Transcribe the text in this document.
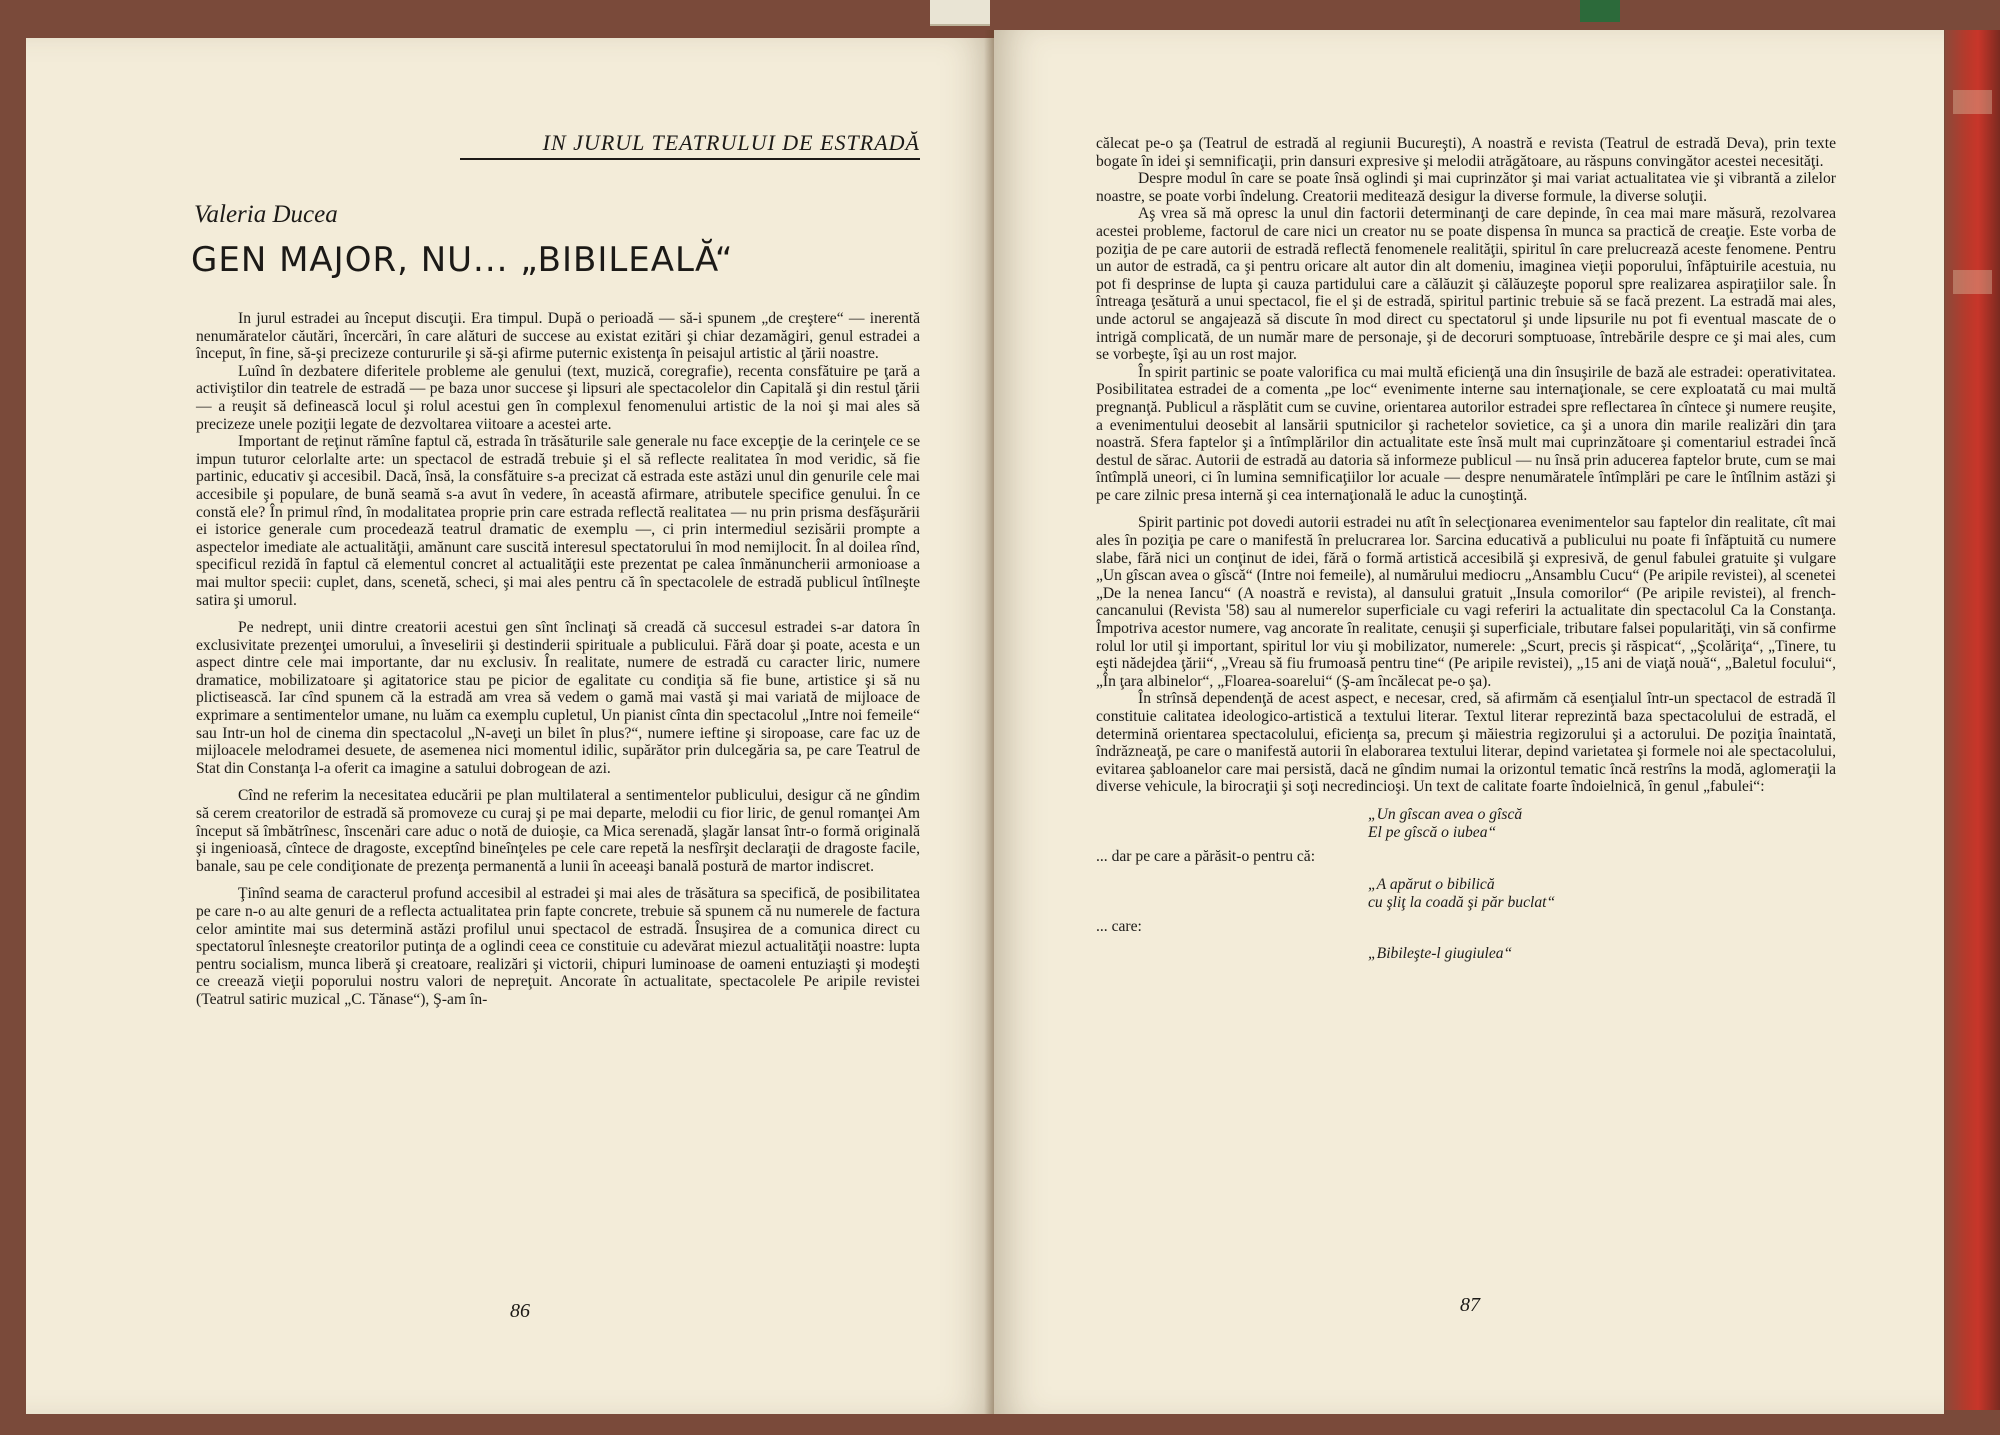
IN JURUL TEATRULUI DE ESTRADĂ
Valeria Ducea
GEN MAJOR, NU... „BIBILEALĂ“

In jurul estradei au început discuţii. Era timpul. După o perioadă — să-i spunem „de creştere“ — inerentă nenumăratelor căutări, încercări, în care alături de succese au existat ezitări şi chiar dezamăgiri, genul estradei a început, în fine, să-şi precizeze contururile şi să-şi afirme puternic existenţa în peisajul artistic al ţării noastre.

Luînd în dezbatere diferitele probleme ale genului (text, muzică, coregrafie), recenta consfătuire pe ţară a activiştilor din teatrele de estradă — pe baza unor succese şi lipsuri ale spectacolelor din Capitală şi din restul ţării — a reuşit să definească locul şi rolul acestui gen în complexul fenomenului artistic de la noi şi mai ales să precizeze unele poziţii legate de dezvoltarea viitoare a acestei arte.

Important de reţinut rămîne faptul că, estrada în trăsăturile sale generale nu face excepţie de la cerinţele ce se impun tuturor celorlalte arte: un spectacol de estradă trebuie şi el să reflecte realitatea în mod veridic, să fie partinic, educativ şi accesibil. Dacă, însă, la consfătuire s-a precizat că estrada este astăzi unul din genurile cele mai accesibile şi populare, de bună seamă s-a avut în vedere, în această afirmare, atributele specifice genului. În ce constă ele? În primul rînd, în modalitatea proprie prin care estrada reflectă realitatea — nu prin prisma desfăşurării ei istorice generale cum procedează teatrul dramatic de exemplu —, ci prin intermediul sezisării prompte a aspectelor imediate ale actualităţii, amănunt care suscită interesul spectatorului în mod nemijlocit. În al doilea rînd, specificul rezidă în faptul că elementul concret al actualităţii este prezentat pe calea înmănuncherii armonioase a mai multor specii: cuplet, dans, scenetă, scheci, şi mai ales pentru că în spectacolele de estradă publicul întîlneşte satira şi umorul.

Pe nedrept, unii dintre creatorii acestui gen sînt înclinaţi să creadă că succesul estradei s-ar datora în exclusivitate prezenţei umorului, a înveselirii şi destinderii spirituale a publicului. Fără doar şi poate, acesta e un aspect dintre cele mai importante, dar nu exclusiv. În realitate, numere de estradă cu caracter liric, numere dramatice, mobilizatoare şi agitatorice stau pe picior de egalitate cu condiţia să fie bune, artistice şi să nu plictisească. Iar cînd spunem că la estradă am vrea să vedem o gamă mai vastă şi mai variată de mijloace de exprimare a sentimentelor umane, nu luăm ca exemplu cupletul, Un pianist cînta din spectacolul „Intre noi femeile“ sau Intr-un hol de cinema din spectacolul „N-aveţi un bilet în plus?“, numere ieftine şi siropoase, care fac uz de mijloacele melodramei desuete, de asemenea nici momentul idilic, supărător prin dulcegăria sa, pe care Teatrul de Stat din Constanţa l-a oferit ca imagine a satului dobrogean de azi.

Cînd ne referim la necesitatea educării pe plan multilateral a sentimentelor publicului, desigur că ne gîndim să cerem creatorilor de estradă să promoveze cu curaj şi pe mai departe, melodii cu fior liric, de genul romanţei Am început să îmbătrînesc, înscenări care aduc o notă de duioşie, ca Mica serenadă, şlagăr lansat într-o formă originală şi ingenioasă, cîntece de dragoste, exceptînd bineînţeles pe cele care repetă la nesfîrşit declaraţii de dragoste facile, banale, sau pe cele condiţionate de prezenţa permanentă a lunii în aceeaşi banală postură de martor indiscret.

Ţinînd seama de caracterul profund accesibil al estradei şi mai ales de trăsătura sa specifică, de posibilitatea pe care n-o au alte genuri de a reflecta actualitatea prin fapte concrete, trebuie să spunem că nu numerele de factura celor amintite mai sus determină astăzi profilul unui spectacol de estradă. Însuşirea de a comunica direct cu spectatorul înlesneşte creatorilor putinţa de a oglindi ceea ce constituie cu adevărat miezul actualităţii noastre: lupta pentru socialism, munca liberă şi creatoare, realizări şi victorii, chipuri luminoase de oameni entuziaşti şi modeşti ce creează vieţii poporului nostru valori de nepreţuit. Ancorate în actualitate, spectacolele Pe aripile revistei (Teatrul satiric muzical „C. Tănase“), Ş-am în-

86

călecat pe-o şa (Teatrul de estradă al regiunii Bucureşti), A noastră e revista (Teatrul de estradă Deva), prin texte bogate în idei şi semnificaţii, prin dansuri expresive şi melodii atrăgătoare, au răspuns convingător acestei necesităţi.

Despre modul în care se poate însă oglindi şi mai cuprinzător şi mai variat actualitatea vie şi vibrantă a zilelor noastre, se poate vorbi îndelung. Creatorii meditează desigur la diverse formule, la diverse soluţii.

Aş vrea să mă opresc la unul din factorii determinanţi de care depinde, în cea mai mare măsură, rezolvarea acestei probleme, factorul de care nici un creator nu se poate dispensa în munca sa practică de creaţie. Este vorba de poziţia de pe care autorii de estradă reflectă fenomenele realităţii, spiritul în care prelucrează aceste fenomene. Pentru un autor de estradă, ca şi pentru oricare alt autor din alt domeniu, imaginea vieţii poporului, înfăptuirile acestuia, nu pot fi desprinse de lupta şi cauza partidului care a călăuzit şi călăuzeşte poporul spre realizarea aspiraţiilor sale. În întreaga ţesătură a unui spectacol, fie el şi de estradă, spiritul partinic trebuie să se facă prezent. La estradă mai ales, unde actorul se angajează să discute în mod direct cu spectatorul şi unde lipsurile nu pot fi eventual mascate de o intrigă complicată, de un număr mare de personaje, şi de decoruri somptuoase, întrebările despre ce şi mai ales, cum se vorbeşte, îşi au un rost major.

În spirit partinic se poate valorifica cu mai multă eficienţă una din însuşirile de bază ale estradei: operativitatea. Posibilitatea estradei de a comenta „pe loc“ evenimente interne sau internaţionale, se cere exploatată cu mai multă pregnanţă. Publicul a răsplătit cum se cuvine, orientarea autorilor estradei spre reflectarea în cîntece şi numere reuşite, a evenimentului deosebit al lansării sputnicilor şi rachetelor sovietice, ca şi a unora din marile realizări din ţara noastră. Sfera faptelor şi a întîmplărilor din actualitate este însă mult mai cuprinzătoare şi comentariul estradei încă destul de sărac. Autorii de estradă au datoria să informeze publicul — nu însă prin aducerea faptelor brute, cum se mai întîmplă uneori, ci în lumina semnificaţiilor lor acuale — despre nenumăratele întîmplări pe care le întîlnim astăzi şi pe care zilnic presa internă şi cea internaţională le aduc la cunoştinţă.

Spirit partinic pot dovedi autorii estradei nu atît în selecţionarea evenimentelor sau faptelor din realitate, cît mai ales în poziţia pe care o manifestă în prelucrarea lor. Sarcina educativă a publicului nu poate fi înfăptuită cu numere slabe, fără nici un conţinut de idei, fără o formă artistică accesibilă şi expresivă, de genul fabulei gratuite şi vulgare „Un gîscan avea o gîscă“ (Intre noi femeile), al numărului mediocru „Ansamblu Cucu“ (Pe aripile revistei), al scenetei „De la nenea Iancu“ (A noastră e revista), al dansului gratuit „Insula comorilor“ (Pe aripile revistei), al french-cancanului (Revista '58) sau al numerelor superficiale cu vagi referiri la actualitate din spectacolul Ca la Constanţa. Împotriva acestor numere, vag ancorate în realitate, cenuşii şi superficiale, tributare falsei popularităţi, vin să confirme rolul lor util şi important, spiritul lor viu şi mobilizator, numerele: „Scurt, precis şi răspicat“, „Şcolăriţa“, „Tinere, tu eşti nădejdea ţării“, „Vreau să fiu frumoasă pentru tine“ (Pe aripile revistei), „15 ani de viaţă nouă“, „Baletul focului“, „În ţara albinelor“, „Floarea-soarelui“ (Ş-am încălecat pe-o şa).

În strînsă dependenţă de acest aspect, e necesar, cred, să afirmăm că esenţialul într-un spectacol de estradă îl constituie calitatea ideologico-artistică a textului literar. Textul literar reprezintă baza spectacolului de estradă, el determină orientarea spectacolului, eficienţa sa, precum şi măiestria regizorului şi a actorului. De poziţia înaintată, îndrăzneaţă, pe care o manifestă autorii în elaborarea textului literar, depind varietatea şi formele noi ale spectacolului, evitarea şabloanelor care mai persistă, dacă ne gîndim numai la orizontul tematic încă restrîns la modă, aglomeraţii la diverse vehicule, la birocraţii şi soţi necredincioşi. Un text de calitate foarte îndoielnică, în genul „fabulei“:

„Un gîscan avea o gîscă
El pe gîscă o iubea“

... dar pe care a părăsit-o pentru că:

„A apărut o bibilică
cu şliţ la coadă şi păr buclat“

... care:

„Bibileşte-l giugiulea“
87
